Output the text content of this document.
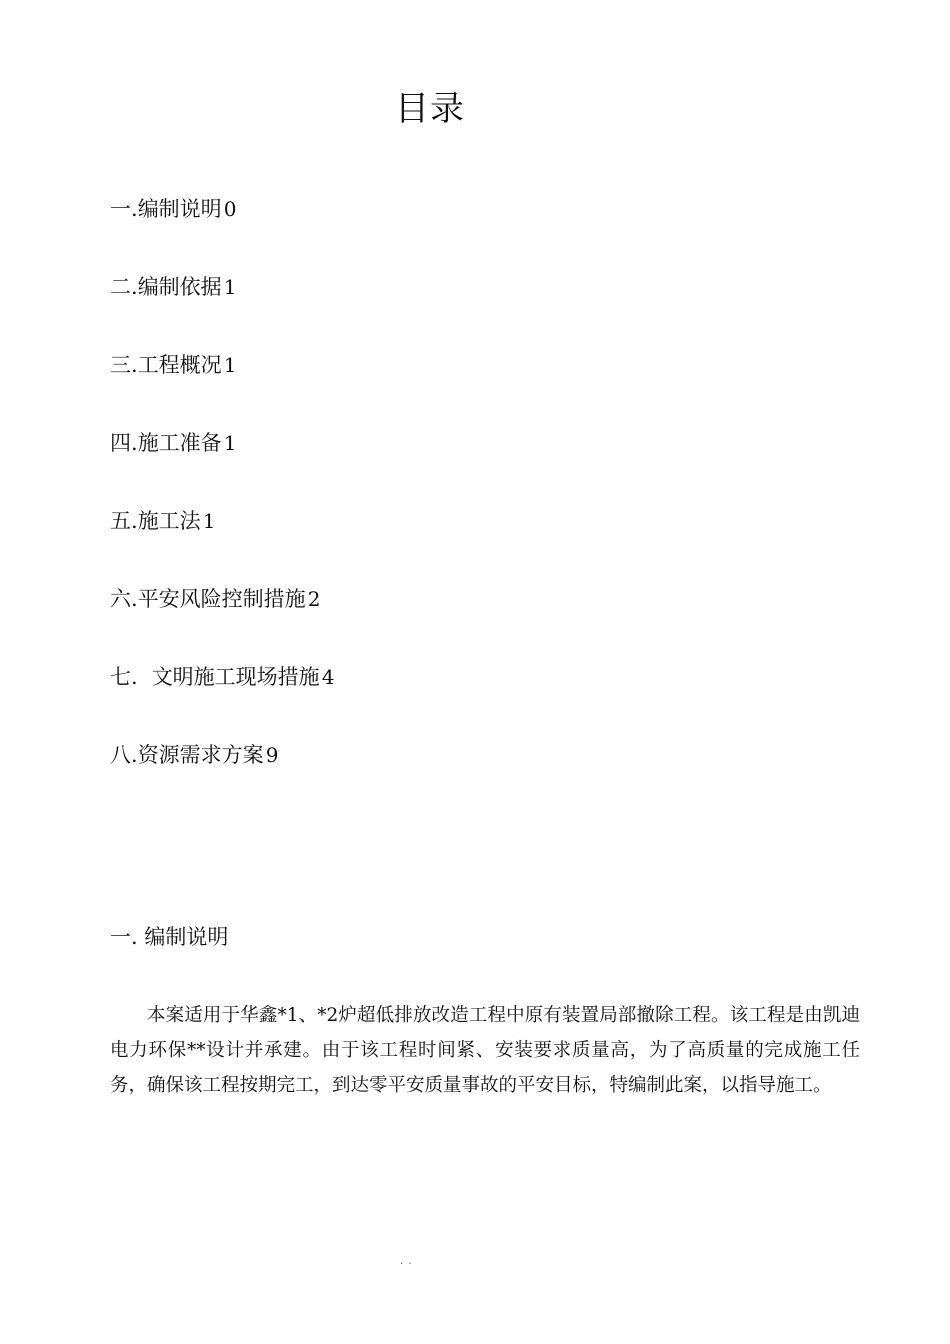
目录
一.编制说明 0
二.编制依据 1
三.工程概况 1
四.施工准备 1
五.施工法 1
六.平安风险控制措施 2
七. 文明施工现场措施 4
八.资源需求方案 9
一. 编制说明

本案适用于华鑫*1、*2炉超低排放改造工程中原有装置局部撤除工程。该工程是由凯迪电力环保**设计并承建。由于该工程时间紧、安装要求质量高，为了高质量的完成施工任务，确保该工程按期完工，到达零平安质量事故的平安目标，特编制此案，以指导施工。

. .
